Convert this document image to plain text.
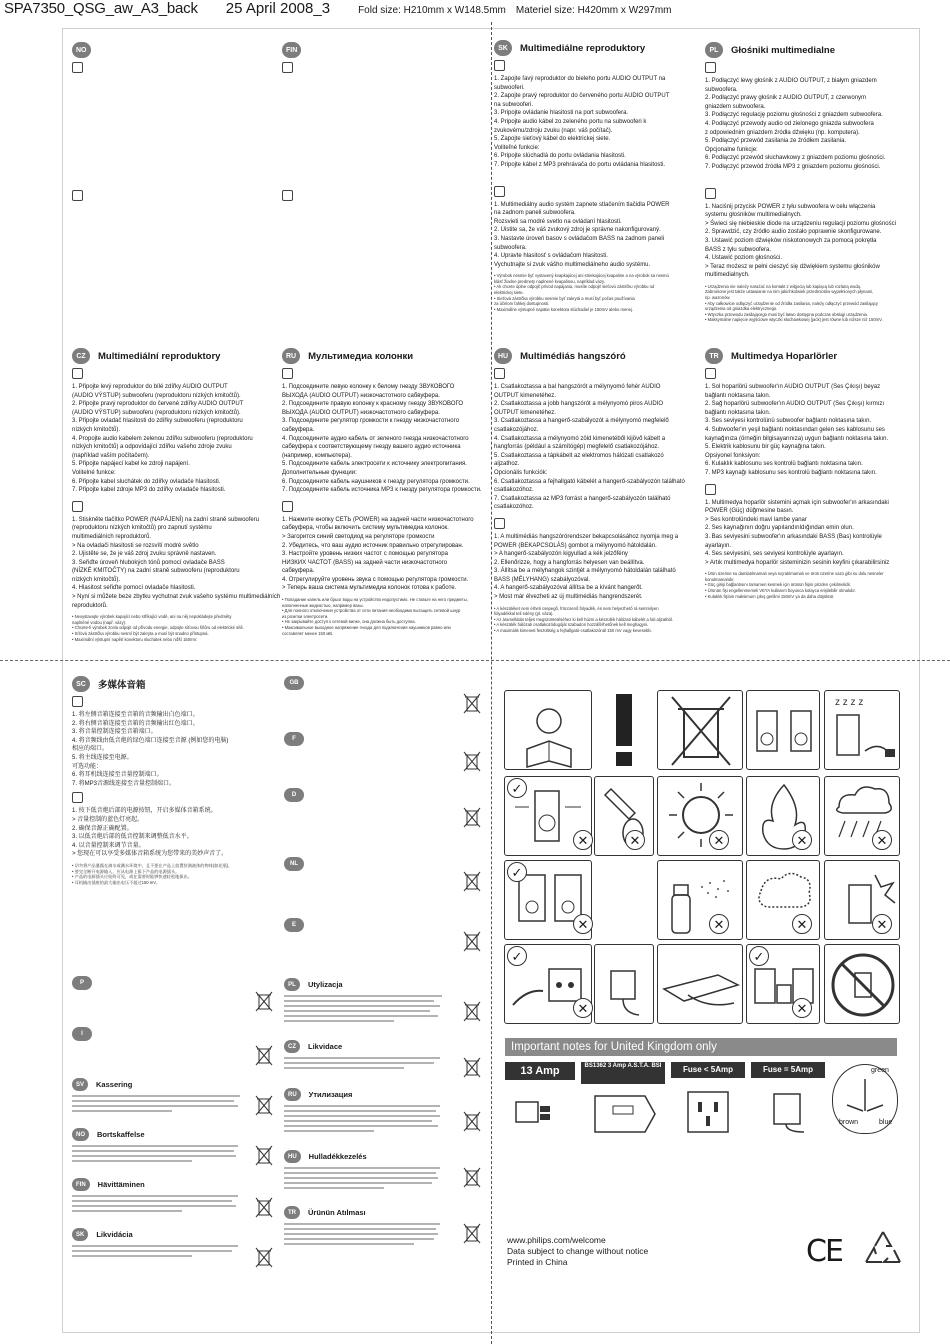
SPA7350_QSG_aw_A3_back 25 April 2008_3	Fold size: H210mm x W148.5mm Materiel size: H420mm x W297mm
NO	FIN	SK	Multimediálne reproduktory

1. Zapojte ľavý reproduktor do bieleho portu AUDIO OUTPUT na

subwooferi.

2. Zapojte pravý reproduktor do červeného portu AUDIO OUTPUT

na subwooferi.

3. Pripojte ovládanie hlasitosti na port subwoofera.

4. Pripojte audio kábel zo zeleného portu na subwooferi k

zvukovému/zdroju zvuku (napr. váš počítač).

5. Zapojte sieťový kábel do elektrickej siete.

Voliteľné funkcie:

6. Pripojte slúchadlá do portu ovládania hlasitosti.

7. Pripojte kábel z MP3 prehrávača do portu ovládania hlasitosti.

1. Multimediálny audio systém zapnete stlačením tlačidla POWER

na zadnom paneli subwoofera.

Rozsvieti sa modré svetlo na ovládaní hlasitosti.

2. Uistite sa, že váš zvukový zdroj je správne nakonfigurovaný.

3. Nastavte úroveň basov s ovládačom BASS na zadnom paneli

subwoofera.

4. Upravte hlasitosť s ovládačom hlasitosti.

Vychutnajte si zvuk vášho multimediálneho audio systému.

• Výrobok nesmie byť vystavený kvapkajúcej ani striekajúcej kvapaline a na výrobok sa nesmú

klásť žiadne predmety naplnené kvapalinou, napríklad vázy.

• Ak chcete úplne odpojiť prívod napájania, musíte odpojiť sieťovú zástrčku výrobku od

elektrickej siete.

• Sieťová zástrčka výrobku nesmie byť zakrytá a musí byť počas používania

za účelom ľahkej dostupnosti.

• Maximálne výstupné napätie konektora slúchadiel je 150mV alebo menej.

PL	Głośniki multimedialne

1. Podłączyć lewy głośnik z AUDIO OUTPUT, z białym gniazdem

subwoofera.

2. Podłączyć prawy głośnik z AUDIO OUTPUT, z czerwonym

gniazdem subwoofera.

3. Podłączyć regulację poziomu głośności z gniazdem subwoofera.

4. Podłączyć przewody audio od zielonego gniazda subwoofera

z odpowiednim gniazdem źródła dźwięku (np. komputera).

5. Podłączyć przewód zasilania ze źródłem zasilania.

Opcjonalne funkcje:

6. Podłączyć przewód słuchawkowy z gniazdem poziomu głośności.

7. Podłączyć przewód źródła MP3 z gniazdem poziomu głośności.

1. Naciśnij przycisk POWER z tyłu subwoofera w celu włączenia

systemu głośników multimedialnych.

> Świeci się niebieskie diode na urządzeniu regulacji poziomu głośności

2. Sprawdzić, czy źródło audio zostało poprawnie skonfigurowane.

3. Ustawić poziom dźwięków niskotonowych za pomocą pokrętła

BASS z tyłu subwoofera.

4. Ustawić poziom głośności.

> Teraz możesz w pełni cieszyć się dźwiękiem systemu głośników

multimedialnych.

• Urządzenia nie należy narażać na kontakt z wilgocią lub kapiącą lub rozlaną wodą.

Zabronione jest także ustawianie na nim jakichkolwiek przedmiotów wypełnionych płynami,

np. wazonów.

• Aby całkowicie odłączyć urządzenie od źródła zasilania, należy odłączyć przewód zasilający

urządzenia od gniazdka elektrycznego.

• Wtyczka przewodu zasilającego musi być łatwo dostępna podczas obsługi urządzenia.

• Maksymalne napięcie wyjściowe wtyczki słuchawkowej (jack) jest równe lub niższe niż 150mV.

CZ	Multimediální reproduktory

1. Připojte levý reproduktor do bílé zdířky AUDIO OUTPUT

(AUDIO VÝSTUP) subwooferu (reproduktoru nízkých kmitočtů).

2. Připojte pravý reproduktor do červené zdířky AUDIO OUTPUT

(AUDIO VÝSTUP) subwooferu (reproduktoru nízkých kmitočtů).

3. Připojte ovladač hlasitosti do zdířky subwooferu (reproduktoru

nízkých kmitočtů).

4. Propojte audio kabelem zelenou zdířku subwooferu (reproduktoru

nízkých kmitočtů) a odpovídající zdířku vašeho zdroje zvuku

(například vaším počítačem).

5. Připojte napájecí kabel ke zdroji napájení.

Volitelné funkce:

6. Připojte kabel sluchátek do zdířky ovladače hlasitosti.

7. Připojte kabel zdroje MP3 do zdířky ovladače hlasitosti.

1. Stiskněte tlačítko POWER (NAPÁJENÍ) na zadní straně subwooferu

(reproduktoru nízkých kmitočtů) pro zapnutí systému

multimediálních reproduktorů.

> Na ovladači hlasitosti se rozsvítí modré světlo

2. Ujistěte se, že je váš zdroj zvuku správně nastaven.

3. Seřiďte úroveň hlubokých tónů pomocí ovladače BASS

(NÍZKÉ KMITOČTY) na zadní straně subwooferu (reproduktoru

nízkých kmitočtů).

4. Hlasitost seřiďte pomocí ovladače hlasitosti.

> Nyní si můžete beze zbytku vychutnat zvuk vašeho systému multimediálních

reproduktorů.

• Nevystavujte výrobek kapající nebo stříkající vodě, ani na něj nepokládejte předměty

naplněné vodou (např. vázy).

• Chcete-li výrobek zcela odpojit od přívodu energie, odpojte síťovou šňůru od elektrické sítě.

• Síťová zástrčka výrobku nesmí být zakryta a musí být snadno přístupná.

• Maximální výstupní napětí konektoru sluchátek nebo nižší 150mV.

RU	Мультимедиа колонки

1. Подсоедините левую колонку к белому гнезду ЗВУКОВОГО

ВЫХОДА (AUDIO OUTPUT) низкочастотного сабвуфера.

2. Подсоедините правую колонку к красному гнезду ЗВУКОВОГО

ВЫХОДА (AUDIO OUTPUT) низкочастотного сабвуфера.

3. Подсоедините регулятор громкости к гнезду низкочастотного

сабвуфера.

4. Подсоедините аудио кабель от зеленого гнезда низкочастотного

сабвуфера к соответствующему гнезду вашего аудио источника

(например, компьютера).

5. Подсоедините кабель электросети к источнику электропитания.

Дополнительные функции:

6. Подсоедините кабель наушников к гнезду регулятора громкости.

7. Подсоедините кабель источника MP3 к гнезду регулятора громкости.

1. Нажмите кнопку СЕТЬ (POWER) на задней части низкочастотного

сабвуфера, чтобы включить систему мультимедиа колонок.

> Загорится синий светодиод на регуляторе громкости

2. Убедитесь, что ваш аудио источник правильно отрегулирован.

3. Настройте уровень низких частот с помощью регулятора

НИЗКИХ ЧАСТОТ (BASS) на задней части низкочастотного

сабвуфера.

4. Отрегулируйте уровень звука с помощью регулятора громкости.

> Теперь ваша система мультимедиа колонок готова к работе.

• Попадание капель или брызг воды на устройство недопустимо. Не ставьте на него предметы,

наполненные жидкостью, например вазы.

• Для полного отключения устройства от сети питания необходимо вытащить сетевой шнур

из розетки электросети.

• Не закрывайте доступ к сетевой вилке, она должна быть доступна.

• Максимальное выходное напряжение гнезда для подключения наушников равно или

составляет менее 150 мВ.

HU	Multimédiás hangszóró

1. Csatlakoztassa a bal hangszórót a mélynyomó fehér AUDIO

OUTPUT kimenetéhez.

2. Csatlakoztassa a jobb hangszórót a mélynyomó piros AUDIO

OUTPUT kimenetéhez.

3. Csatlakoztassa a hangerő-szabályozót a mélynyomó megfelelő

csatlakozójához.

4. Csatlakoztassa a mélynyomó zöld kimenetéből kijövő kábelt a

hangforrás (például a számítógép) megfelelő csatlakozójához.

5. Csatlakoztassa a tápkábelt az elektromos hálózati csatlakozó

aljzathoz.

Opcionális funkciók:

6. Csatlakoztassa a fejhallgató kábelét a hangerő-szabályozón található

csatlakozóhoz.

7. Csatlakoztassa az MP3 forrást a hangerő-szabályozón található

csatlakozóhoz.

1. A multimédiás hangszórórendszer bekapcsolásához nyomja meg a

POWER (BEKAPCSOLÁS) gombot a mélynyomó hátoldalán.

> A hangerő-szabályozón kigyullad a kék jelzőfény

2. Ellenőrizze, hogy a hangforrás helyesen van beállítva.

3. Állítsa be a mélyhangok szintjét a mélynyomó hátoldalán található

BASS (MÉLYHANG) szabályozóval.

4. A hangerő-szabályozóval állítsa be a kívánt hangerőt.

> Most már élvezheti az új multimédiás hangrendszerét.

• A készüléket nem érheti csepegő, fröccsenő folyadék, és nem helyezhető rá semmilyen

folyadékkal teli edény (pl. váza).

• Az áramellátás teljes megszüntetéséhez ki kell húzni a készülék hálózati kábelét a fali aljzatból.

• A készülék hálózati csatlakozódugóját szabadon hozzáférhetőnek kell meghagyni.

• A maximális kimeneti feszültség a fejhallgató-csatlakozónál 150 mV vagy kevesebb.

TR	Multimedya Hoparlörler

1. Sol hoparlörü subwoofer'ın AUDIO OUTPUT (Ses Çıkışı) beyaz

bağlantı noktasına takın.

2. Sağ hoparlörü subwoofer'ın AUDIO OUTPUT (Ses Çıkışı) kırmızı

bağlantı noktasına takın.

3. Ses seviyesi kontrolünü subwoofer bağlantı noktasına takın.

4. Subwoofer'ın yeşil bağlantı noktasından gelen ses kablosunu ses

kaynağınıza (örneğin bilgisayarınıza) uygun bağlantı noktasına takın.

5. Elektrik kablosunu bir güç kaynağına takın.

Opsiyonel fonksiyon:

6. Kulaklık kablosunu ses kontrolü bağlantı noktasına takın.

7. MP3 kaynağı kablosunu ses kontrolü bağlantı noktasına takın.

1. Multimedya hoparlör sistemini açmak için subwoofer'ın arkasındaki

POWER (Güç) düğmesine basın.

> Ses kontrolündeki mavi lambe yanar

2. Ses kaynağının doğru yapılandırıldığından emin olun.

3. Bas seviyesini subwoofer'ın arkasındaki BASS (Bas) kontrolüyle

ayarlayın.

4. Ses seviyesini, ses seviyesi kontrolüyle ayarlayın.

> Artık multimedya hoparlör sisteminizin sesinin keyfini çıkarabilirsiniz

• Ürün üzerine su damlatılmamalı veya sıçratılmamalı ve ürün üzerine vazo gibi su dolu nesneler

konulmamalıdır.

• Güç girişi bağlantısını tamamen kesmek için ürünün fişini prizden çekilmelidir.

• Ürünün fişi engellenmemeli VEYA kullanım boyunca kolayca erişilebilir olmalıdır.

• Kulaklık fişinin maksimum çıkış gerilimi 150mV ya da daha düşüktür.

SC	多媒体音箱

1. 将左侧音箱连接至音箱的音频输出白色端口。

2. 将右侧音箱连接至音箱的音频输出红色端口。

3. 将音量控制连接至音箱端口。

4. 将音频线由低音炮的绿色端口连接至音源 (例如您的电脑)

相应的端口。

5. 将主线连接至电源。

可选功能：

6. 将耳机线连接至音量控制端口。

7. 将MP3音源线连接至音量控制端口。

1. 按下低音炮后部的电源按钮，开启多媒体音箱系统。

> 音量控制的蓝色灯亮起。

2. 确保音源正确配置。

3. 以低音炮后部的低音控制来调整低音水平。

4. 以音量控制来调节音量。

> 您现在可以享受多媒体音箱系统为您带来的美妙声音了。

• 切勿将产品暴露在滴水或溅水环境中，且不要在产品上放置装满液体的物体(如花瓶)。

• 要完全断开电源输入，应从电源上拔下产品的电源插头。

• 产品的电源插头应始终可见，或在需要时能够快速轻松地拔出。

• 耳机输出插座的最大输出电压不超过150 mV。

GB
F
D
NL
E
P
I
PL	Utylizacja
CZ	Likvidace
RU	Утилизация
HU	Hulladékkezelés
TR	Ürünün Atılması
SV	Kassering
NO	Bortskaffelse
FIN	Hävittäminen
SK	Likvidácia
z z z z
✓
✕	✕	✕	✕	✕
✓
✕	✕	✕	✕
✓
✕
✓
✕
Important notes for United Kingdom only
13 Amp	BS1362 3 Amp A.S.T.A. BSI	Fuse < 5Amp	Fuse = 5Amp	green
brown	blue
www.philips.com/welcome
Data subject to change without notice
Printed in China	CE
